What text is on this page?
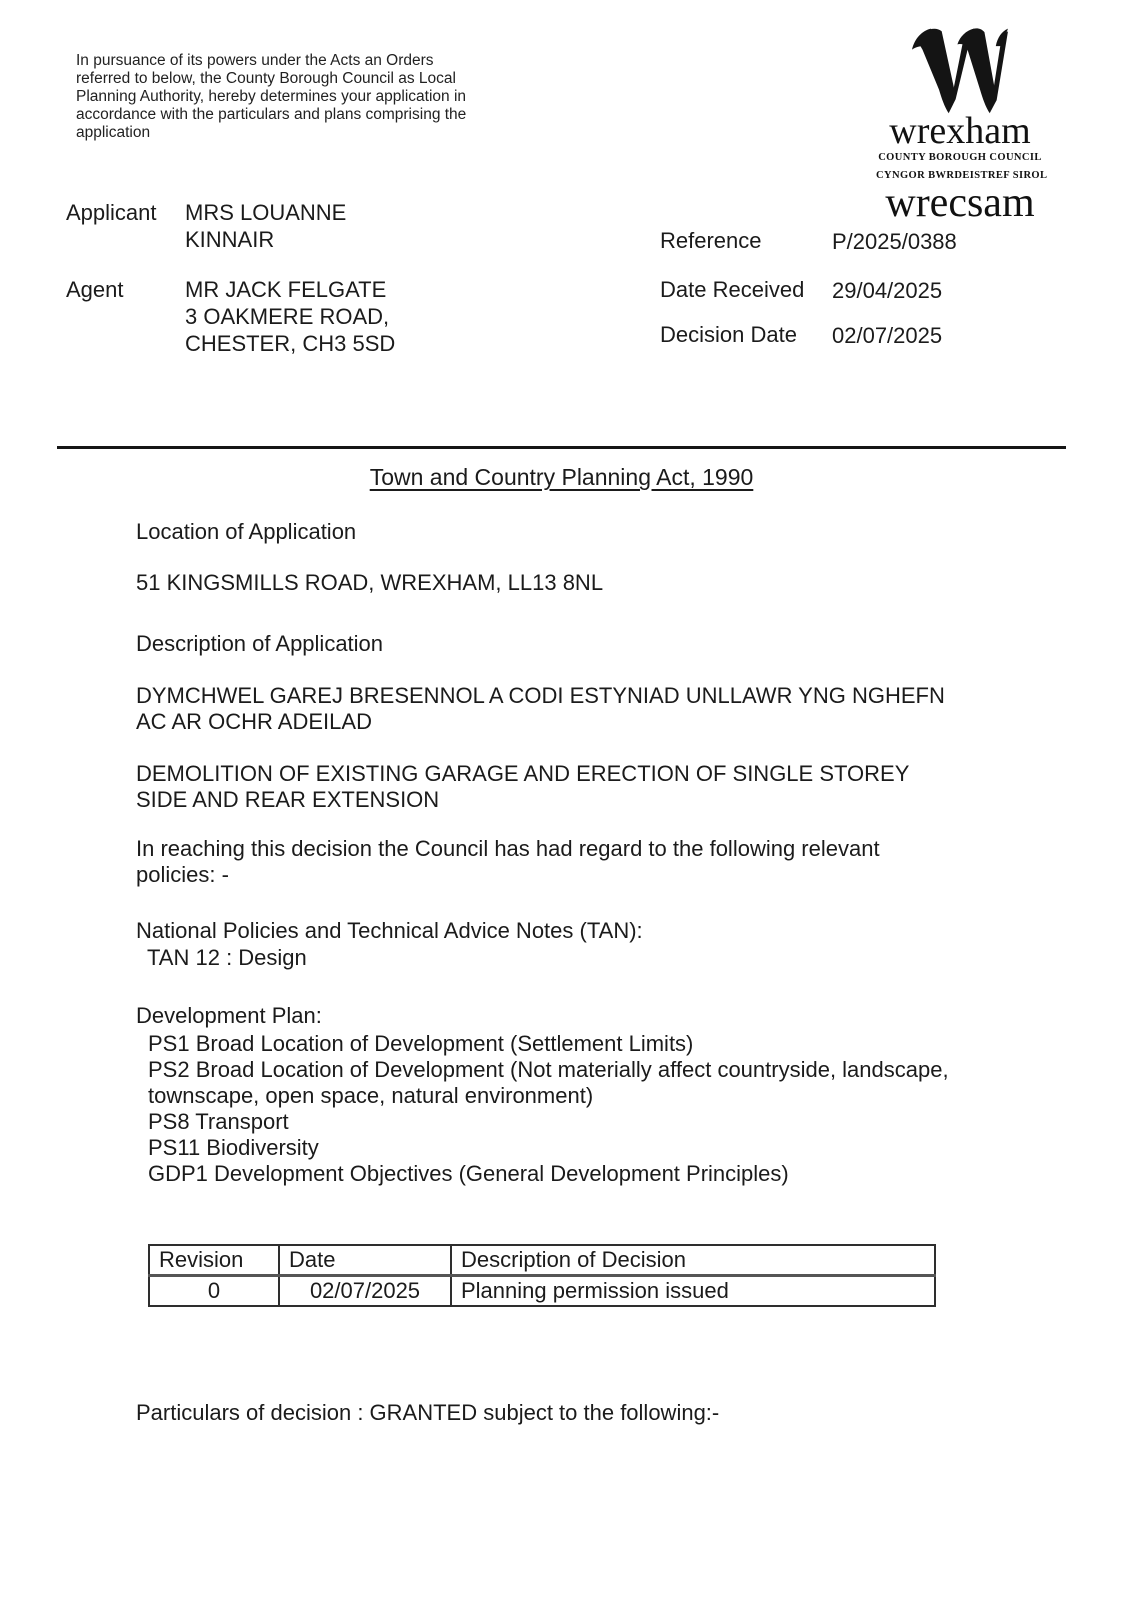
In pursuance of its powers under the Acts an Orders referred to below, the County Borough Council as Local Planning Authority, hereby determines your application in accordance with the particulars and plans comprising the application	wrexham
COUNTY BOROUGH COUNCIL
CYNGOR BWRDEISTREF SIROL
wrecsam
Applicant MRS LOUANNE
KINNAIR
Agent	MR JACK FELGATE
3 OAKMERE ROAD,
CHESTER, CH3 5SD
Reference	P/2025/0388
Date Received 29/04/2025
Decision Date 02/07/2025
Town and Country Planning Act, 1990
Location of Application
51 KINGSMILLS ROAD, WREXHAM, LL13 8NL
Description of Application
DYMCHWEL GAREJ BRESENNOL A CODI ESTYNIAD UNLLAWR YNG NGHEFN AC AR OCHR ADEILAD
DEMOLITION OF EXISTING GARAGE AND ERECTION OF SINGLE STOREY SIDE AND REAR EXTENSION
In reaching this decision the Council has had regard to the following relevant policies: -
National Policies and Technical Advice Notes (TAN):
TAN 12 : Design
Development Plan:
PS1 Broad Location of Development (Settlement Limits)
PS2 Broad Location of Development (Not materially affect countryside, landscape, townscape, open space, natural environment)
PS8 Transport
PS11 Biodiversity
GDP1 Development Objectives (General Development Principles)
Revision	Date	Description of Decision
0	02/07/2025	Planning permission issued
Particulars of decision : GRANTED subject to the following:-
